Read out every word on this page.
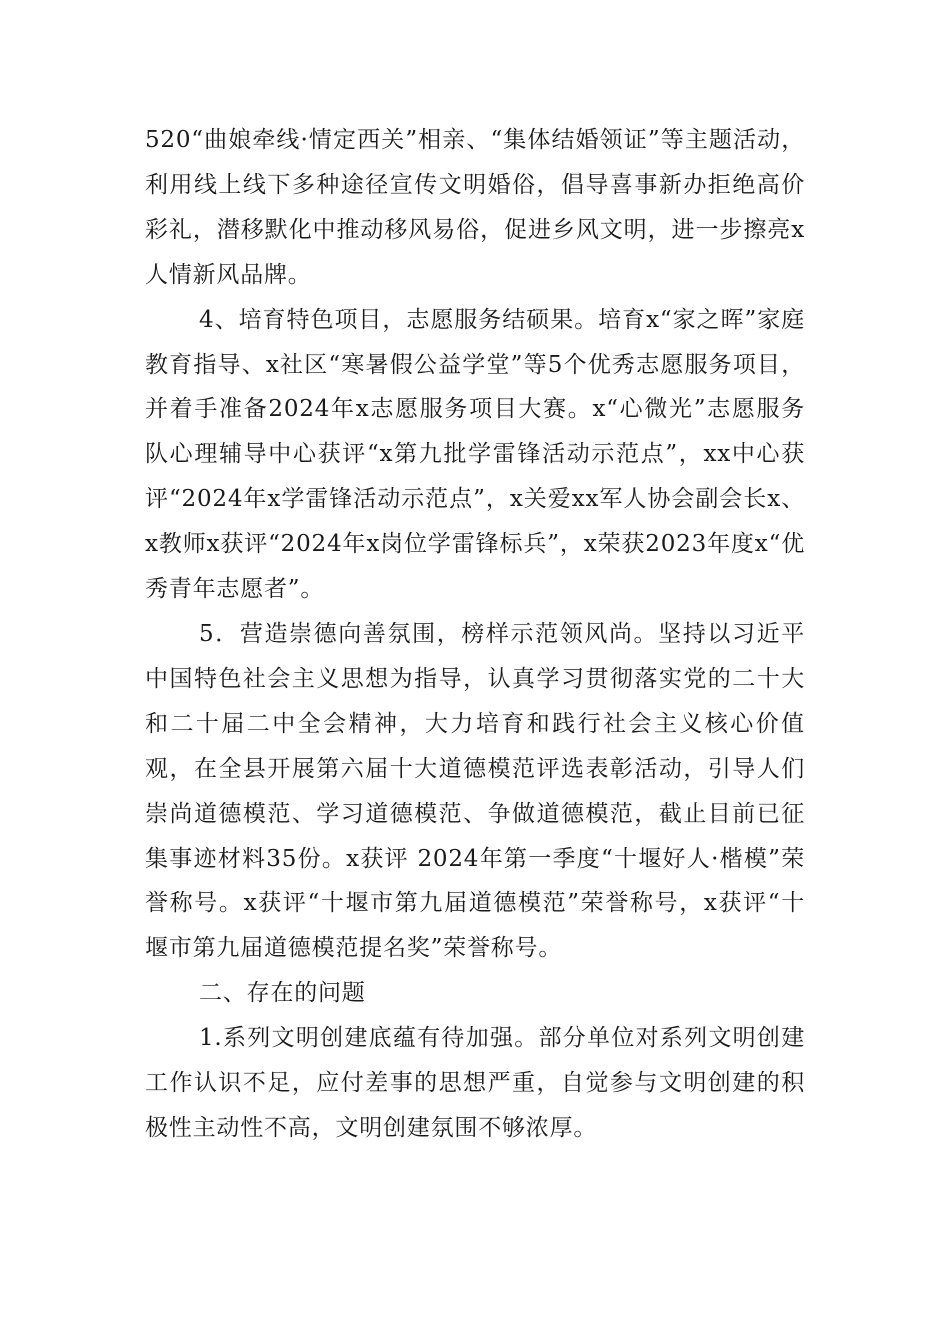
520“曲娘牵线·情定西关”相亲、“集体结婚领证”等主题活动，利用线上线下多种途径宣传文明婚俗，倡导喜事新办拒绝高价彩礼，潜移默化中推动移风易俗，促进乡风文明，进一步擦亮x人情新风品牌。

4、培育特色项目，志愿服务结硕果。培育x“家之晖”家庭教育指导、x社区“寒暑假公益学堂”等5个优秀志愿服务项目，并着手准备2024年x志愿服务项目大赛。x“心微光”志愿服务队心理辅导中心获评“x第九批学雷锋活动示范点”，xx中心获评“2024年x学雷锋活动示范点”，x关爱xx军人协会副会长x、x教师x获评“2024年x岗位学雷锋标兵”，x荣获2023年度x“优秀青年志愿者”。

5．营造崇德向善氛围，榜样示范领风尚。坚持以习近平中国特色社会主义思想为指导，认真学习贯彻落实党的二十大和二十届二中全会精神，大力培育和践行社会主义核心价值观，在全县开展第六届十大道德模范评选表彰活动，引导人们崇尚道德模范、学习道德模范、争做道德模范，截止目前已征集事迹材料35份。x获评 2024年第一季度“十堰好人·楷模”荣誉称号。x获评“十堰市第九届道德模范”荣誉称号，x获评“十堰市第九届道德模范提名奖”荣誉称号。

二、存在的问题

1.系列文明创建底蕴有待加强。部分单位对系列文明创建工作认识不足，应付差事的思想严重，自觉参与文明创建的积极性主动性不高，文明创建氛围不够浓厚。
